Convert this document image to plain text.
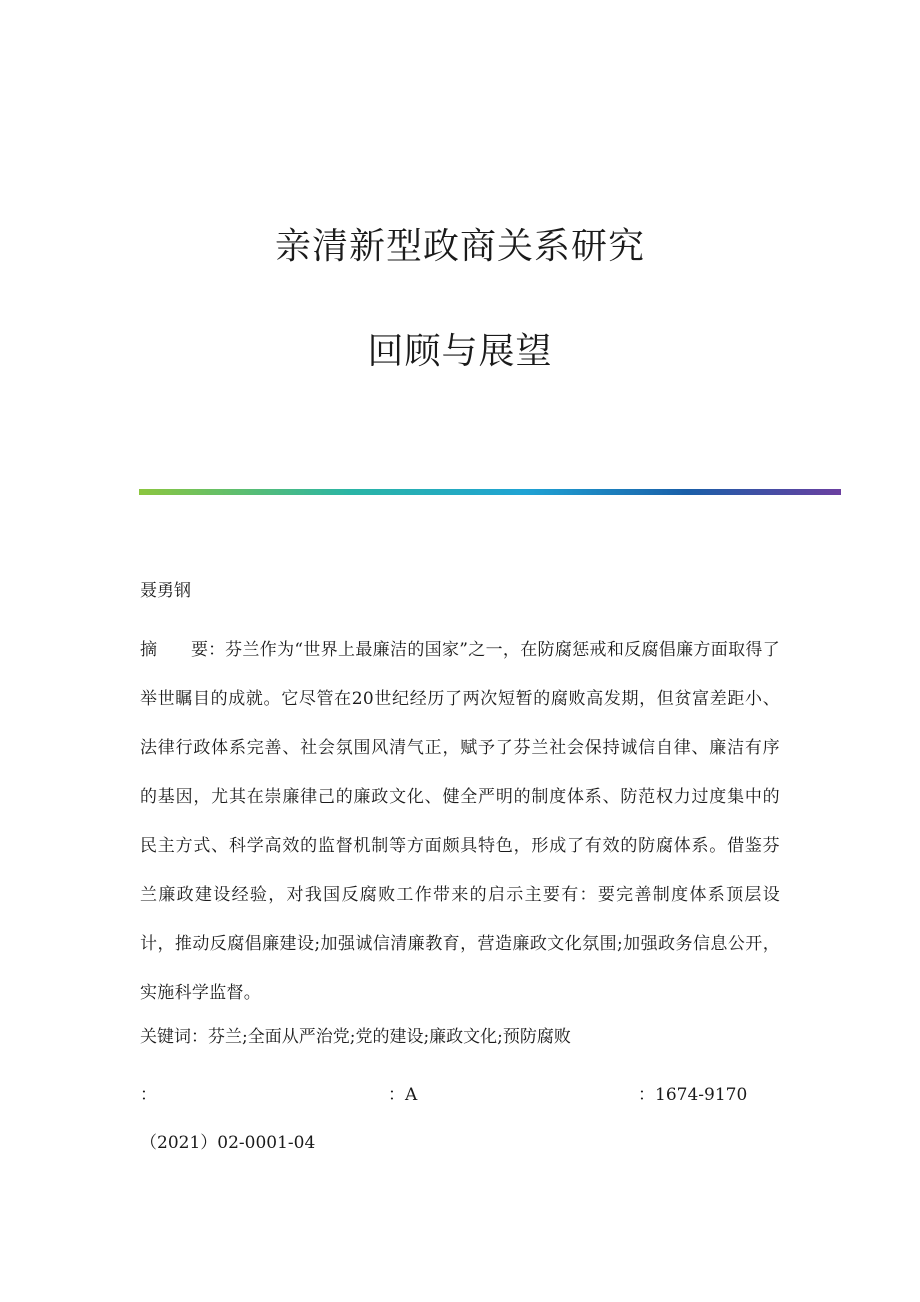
亲清新型政商关系研究
回顾与展望
聂勇钢
摘　　要：芬兰作为“世界上最廉洁的国家”之一，在防腐惩戒和反腐倡廉方面取得了举世瞩目的成就。它尽管在20世纪经历了两次短暂的腐败高发期，但贫富差距小、法律行政体系完善、社会氛围风清气正，赋予了芬兰社会保持诚信自律、廉洁有序的基因，尤其在崇廉律己的廉政文化、健全严明的制度体系、防范权力过度集中的民主方式、科学高效的监督机制等方面颇具特色，形成了有效的防腐体系。借鉴芬兰廉政建设经验，对我国反腐败工作带来的启示主要有：要完善制度体系顶层设计，推动反腐倡廉建设;加强诚信清廉教育，营造廉政文化氛围;加强政务信息公开，实施科学监督。
关键词：芬兰;全面从严治党;党的建设;廉政文化;预防腐败
：	：A	：1674-9170
（2021）02-0001-04
